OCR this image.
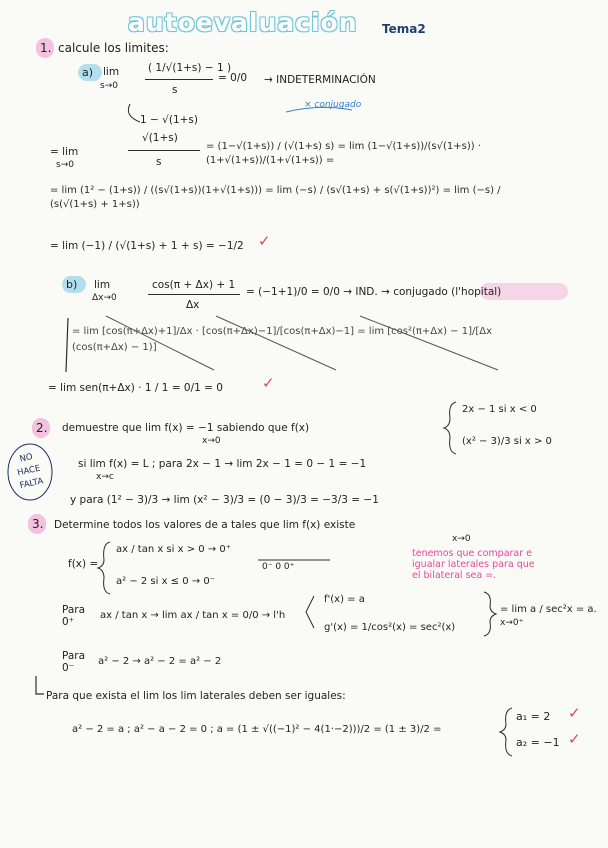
autoevaluación Tema2
1. calcule los limites:
a) lim
s→0
( 1/√(1+s) − 1 )
s
= 0/0 → INDETERMINACIÓN
× conjugado
1 − √(1+s)
√(1+s)
s
= lim
s→0
= (1−√(1+s)) / (√(1+s) s) = lim (1−√(1+s))/(s√(1+s)) · (1+√(1+s))/(1+√(1+s)) =
= lim (1² − (1+s)) / ((s√(1+s))(1+√(1+s))) = lim (−s) / (s√(1+s) + s(√(1+s))²) = lim (−s) / (s(√(1+s) + 1+s))
= lim (−1) / (√(1+s) + 1 + s) = −1/2 ✓
b) lim
Δx→0
cos(π + Δx) + 1
Δx
= (−1+1)/0 = 0/0 → IND. → conjugado (l'hopital)
= lim [cos(π+Δx)+1]/Δx · [cos(π+Δx)−1]/[cos(π+Δx)−1] = lim [cos²(π+Δx) − 1]/[Δx (cos(π+Δx) − 1)]
= lim sen(π+Δx) · 1 / 1 = 0/1 = 0	✓
2. demuestre que lim f(x) = −1 sabiendo que f(x)
x→0
2x − 1 si x < 0
(x² − 3)/3 si x > 0
NO HACE FALTA
si lim f(x) = L ; para 2x − 1 → lim 2x − 1 = 0 − 1 = −1
x→c
y para (1² − 3)/3 → lim (x² − 3)/3 = (0 − 3)/3 = −3/3 = −1
3. Determine todos los valores de a tales que lim f(x) existe
x→0
f(x) =
ax / tan x si x > 0 → 0⁺
a² − 2 si x ≤ 0 → 0⁻
0⁻ 0 0⁺
tenemos que comparar e igualar laterales para que el bilateral sea =.
Para 0⁺
ax / tan x → lim ax / tan x = 0/0 → l'h
f'(x) = a
g'(x) = 1/cos²(x) = sec²(x)
= lim a / sec²x = a.
x→0⁺
Para 0⁻
a² − 2 → a² − 2 = a² − 2
Para que exista el lim los lim laterales deben ser iguales:
a² − 2 = a ; a² − a − 2 = 0 ; a = (1 ± √((−1)² − 4(1·−2)))/2 = (1 ± 3)/2 =
a₁ = 2
a₂ = −1
✓
✓
